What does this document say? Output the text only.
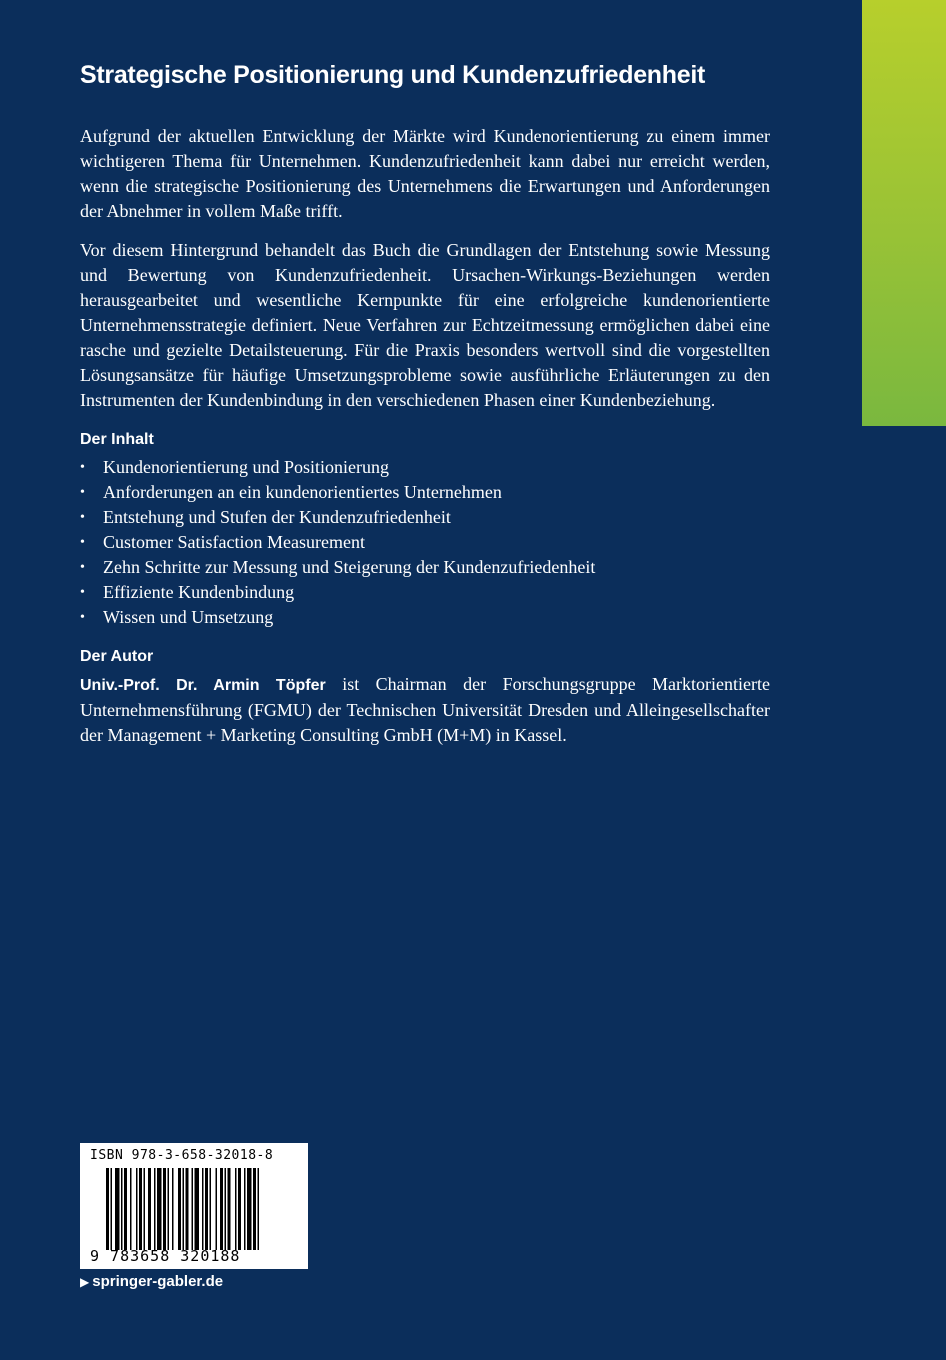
Strategische Positionierung und Kundenzufriedenheit

Aufgrund der aktuellen Entwicklung der Märkte wird Kundenorientierung zu einem immer wichtigeren Thema für Unternehmen. Kundenzufriedenheit kann dabei nur erreicht werden, wenn die strategische Positionierung des Unternehmens die Erwartungen und Anforderungen der Abnehmer in vollem Maße trifft.

Vor diesem Hintergrund behandelt das Buch die Grundlagen der Entstehung sowie Messung und Bewertung von Kundenzufriedenheit. Ursachen-Wirkungs-Beziehungen werden herausgearbeitet und wesentliche Kernpunkte für eine erfolgreiche kundenorientierte Unternehmensstrategie definiert. Neue Verfahren zur Echtzeitmessung ermöglichen dabei eine rasche und gezielte Detailsteuerung. Für die Praxis besonders wertvoll sind die vorgestellten Lösungsansätze für häufige Umsetzungsprobleme sowie ausführliche Erläuterungen zu den Instrumenten der Kundenbindung in den verschiedenen Phasen einer Kundenbeziehung.

Der Inhalt
• Kundenorientierung und Positionierung
• Anforderungen an ein kundenorientiertes Unternehmen
• Entstehung und Stufen der Kundenzufriedenheit
• Customer Satisfaction Measurement
• Zehn Schritte zur Messung und Steigerung der Kundenzufriedenheit
• Effiziente Kundenbindung
• Wissen und Umsetzung
Der Autor

Univ.-Prof. Dr. Armin Töpfer ist Chairman der Forschungsgruppe Marktorientierte Unternehmensführung (FGMU) der Technischen Universität Dresden und Alleingesellschafter der Management + Marketing Consulting GmbH (M+M) in Kassel.

ISBN 978-3-658-32018-8
9 783658 320188
▶ springer-gabler.de
